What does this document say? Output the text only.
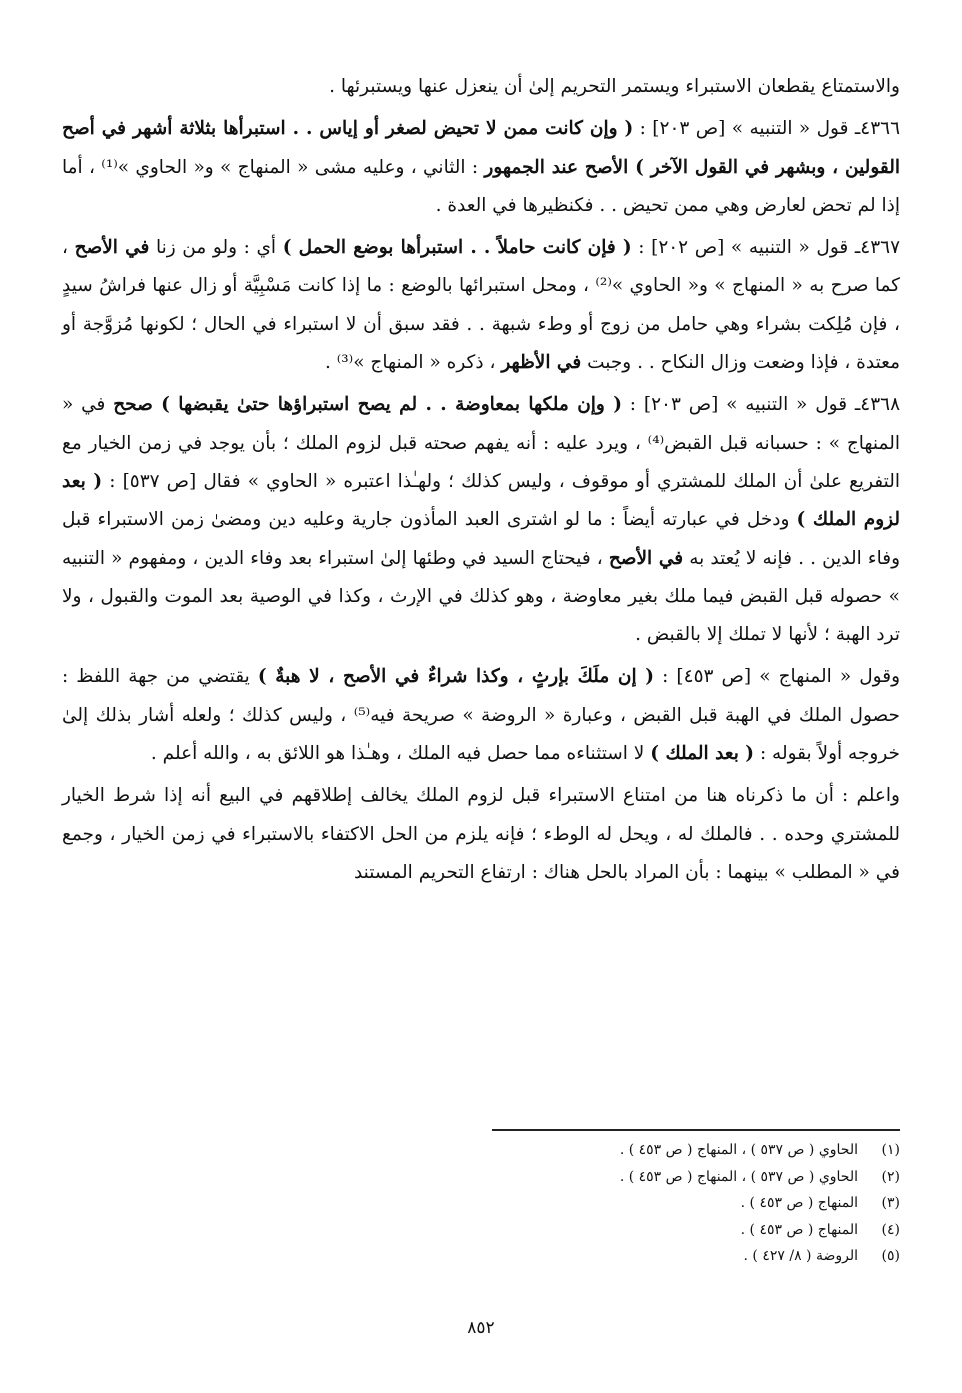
والاستمتاع يقطعان الاستبراء ويستمر التحريم إلىٰ أن ينعزل عنها ويستبرئها .

٤٣٦٦ـ قول « التنبيه » [ص ٢٠٣] : ( وإن كانت ممن لا تحيض لصغر أو إياس . . استبرأها بثلاثة أشهر في أصح القولين ، وبشهر في القول الآخر ) الأصح عند الجمهور : الثاني ، وعليه مشى « المنهاج » و« الحاوي »⁽¹⁾ ، أما إذا لم تحض لعارض وهي ممن تحيض . . فكنظيرها في العدة .

٤٣٦٧ـ قول « التنبيه » [ص ٢٠٢] : ( فإن كانت حاملاً . . استبرأها بوضع الحمل ) أي : ولو من زنا في الأصح ، كما صرح به « المنهاج » و« الحاوي »⁽²⁾ ، ومحل استبرائها بالوضع : ما إذا كانت مَسْبِيَّة أو زال عنها فراشُ سيدٍ ، فإن مُلِكت بشراء وهي حامل من زوج أو وطء شبهة . . فقد سبق أن لا استبراء في الحال ؛ لكونها مُزوَّجة أو معتدة ، فإذا وضعت وزال النكاح . . وجبت في الأظهر ، ذكره « المنهاج »⁽³⁾ .

٤٣٦٨ـ قول « التنبيه » [ص ٢٠٣] : ( وإن ملكها بمعاوضة . . لم يصح استبراؤها حتىٰ يقبضها ) صحح في « المنهاج » : حسبانه قبل القبض⁽⁴⁾ ، ويرد عليه : أنه يفهم صحته قبل لزوم الملك ؛ بأن يوجد في زمن الخيار مع التفريع علىٰ أن الملك للمشتري أو موقوف ، وليس كذلك ؛ ولهـٰذا اعتبره « الحاوي » فقال [ص ٥٣٧] : ( بعد لزوم الملك ) ودخل في عبارته أيضاً : ما لو اشترى العبد المأذون جارية وعليه دين ومضىٰ زمن الاستبراء قبل وفاء الدين . . فإنه لا يُعتد به في الأصح ، فيحتاج السيد في وطئها إلىٰ استبراء بعد وفاء الدين ، ومفهوم « التنبيه » حصوله قبل القبض فيما ملك بغير معاوضة ، وهو كذلك في الإرث ، وكذا في الوصية بعد الموت والقبول ، ولا ترد الهبة ؛ لأنها لا تملك إلا بالقبض .

وقول « المنهاج » [ص ٤٥٣] : ( إن ملَكَ بإرثٍ ، وكذا شراءٌ في الأصح ، لا هبةٌ ) يقتضي من جهة اللفظ : حصول الملك في الهبة قبل القبض ، وعبارة « الروضة » صريحة فيه⁽⁵⁾ ، وليس كذلك ؛ ولعله أشار بذلك إلىٰ خروجه أولاً بقوله : ( بعد الملك ) لا استثناءه مما حصل فيه الملك ، وهـٰذا هو اللائق به ، والله أعلم .

واعلم : أن ما ذكرناه هنا من امتناع الاستبراء قبل لزوم الملك يخالف إطلاقهم في البيع أنه إذا شرط الخيار للمشتري وحده . . فالملك له ، ويحل له الوطء ؛ فإنه يلزم من الحل الاكتفاء بالاستبراء في زمن الخيار ، وجمع في « المطلب » بينهما : بأن المراد بالحل هناك : ارتفاع التحريم المستند

(١)الحاوي ( ص ٥٣٧ ) ، المنهاج ( ص ٤٥٣ ) .
(٢)الحاوي ( ص ٥٣٧ ) ، المنهاج ( ص ٤٥٣ ) .
(٣)المنهاج ( ص ٤٥٣ ) .
(٤)المنهاج ( ص ٤٥٣ ) .
(٥)الروضة ( ٨/ ٤٢٧ ) .
٨٥٢
